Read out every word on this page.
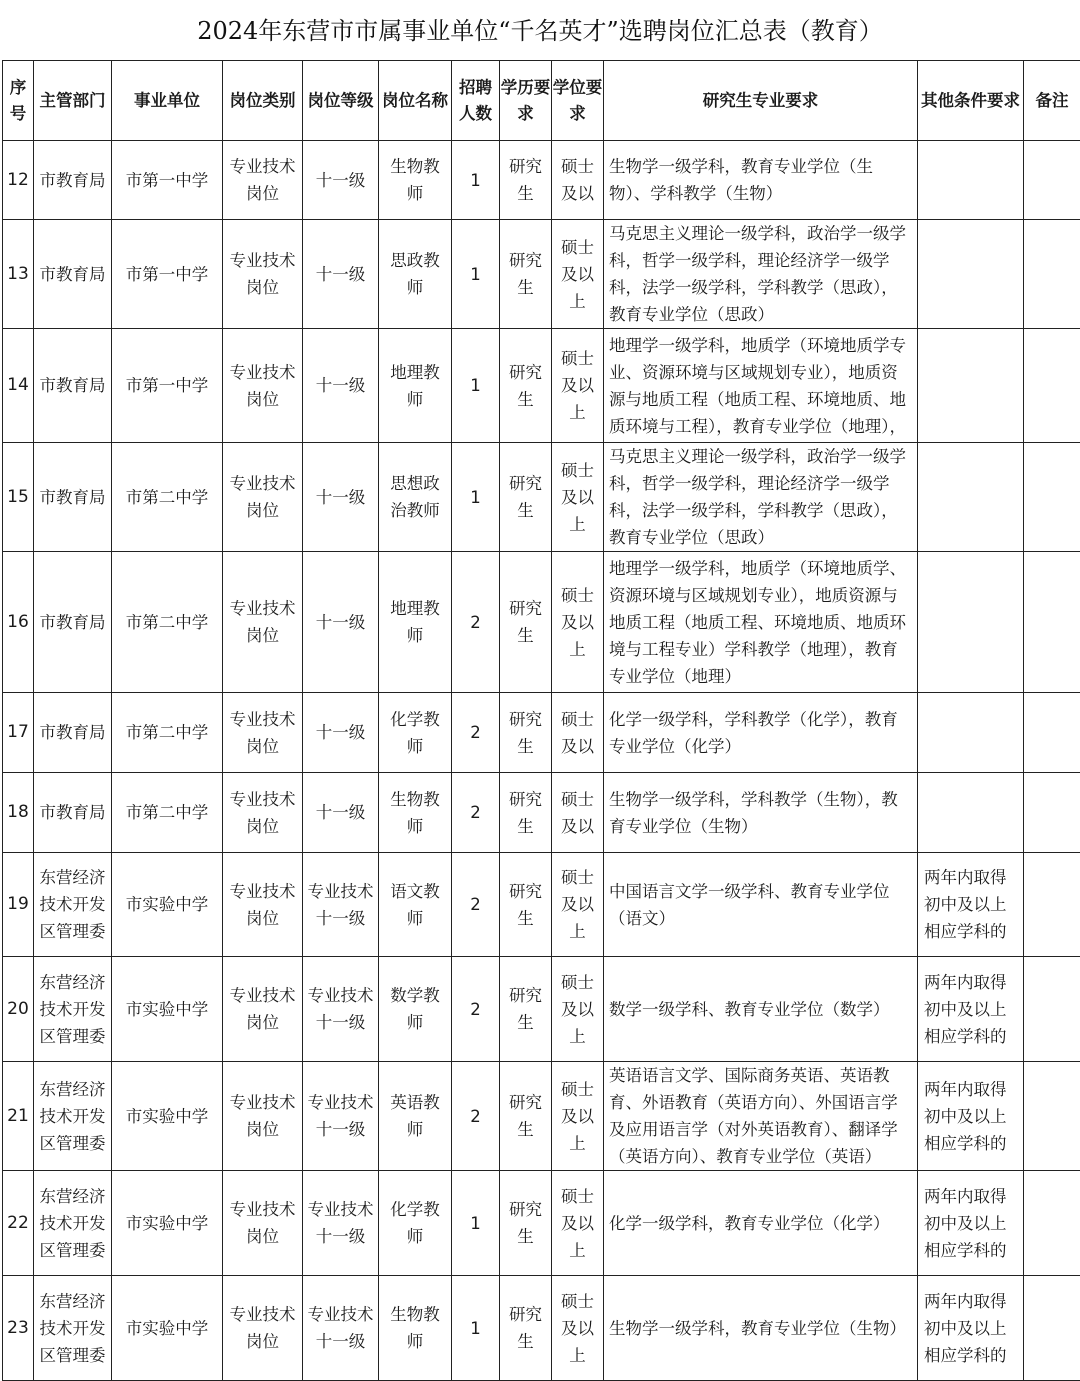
2024年东营市市属事业单位“千名英才”选聘岗位汇总表（教育）
序号	主管部门	事业单位	岗位类别	岗位等级	岗位名称	招聘人数	学历要求	学位要求	研究生专业要求	其他条件要求	备注

12	市教育局	市第一中学	专业技术岗位	十一级	生物教师	1	研究生	硕士及以	生物学一级学科，教育专业学位（生物）、学科教学（生物）		

13	市教育局	市第一中学	专业技术岗位	十一级	思政教师	1	研究生	硕士及以上	马克思主义理论一级学科，政治学一级学科，哲学一级学科，理论经济学一级学科，法学一级学科，学科教学（思政），教育专业学位（思政）		

14	市教育局	市第一中学	专业技术岗位	十一级	地理教师	1	研究生	硕士及以上	地理学一级学科，地质学（环境地质学专业、资源环境与区域规划专业），地质资源与地质工程（地质工程、环境地质、地质环境与工程），教育专业学位（地理），		

15	市教育局	市第二中学	专业技术岗位	十一级	思想政治教师	1	研究生	硕士及以上	马克思主义理论一级学科，政治学一级学科，哲学一级学科，理论经济学一级学科，法学一级学科，学科教学（思政），教育专业学位（思政）		

16	市教育局	市第二中学	专业技术岗位	十一级	地理教师	2	研究生	硕士及以上	地理学一级学科，地质学（环境地质学、资源环境与区域规划专业），地质资源与地质工程（地质工程、环境地质、地质环境与工程专业）学科教学（地理），教育专业学位（地理）		

17	市教育局	市第二中学	专业技术岗位	十一级	化学教师	2	研究生	硕士及以	化学一级学科，学科教学（化学），教育专业学位（化学）		

18	市教育局	市第二中学	专业技术岗位	十一级	生物教师	2	研究生	硕士及以	生物学一级学科，学科教学（生物），教育专业学位（生物）		

19	东营经济技术开发区管理委	市实验中学	专业技术岗位	专业技术十一级	语文教师	2	研究生	硕士及以上	中国语言文学一级学科、教育专业学位（语文）	两年内取得初中及以上相应学科的	

20	东营经济技术开发区管理委	市实验中学	专业技术岗位	专业技术十一级	数学教师	2	研究生	硕士及以上	数学一级学科、教育专业学位（数学）	两年内取得初中及以上相应学科的	

21	东营经济技术开发区管理委	市实验中学	专业技术岗位	专业技术十一级	英语教师	2	研究生	硕士及以上	英语语言文学、国际商务英语、英语教育、外语教育（英语方向）、外国语言学及应用语言学（对外英语教育）、翻译学（英语方向）、教育专业学位（英语）	两年内取得初中及以上相应学科的	

22	东营经济技术开发区管理委	市实验中学	专业技术岗位	专业技术十一级	化学教师	1	研究生	硕士及以上	化学一级学科，教育专业学位（化学）	两年内取得初中及以上相应学科的	

23	东营经济技术开发区管理委	市实验中学	专业技术岗位	专业技术十一级	生物教师	1	研究生	硕士及以上	生物学一级学科，教育专业学位（生物）	两年内取得初中及以上相应学科的	
